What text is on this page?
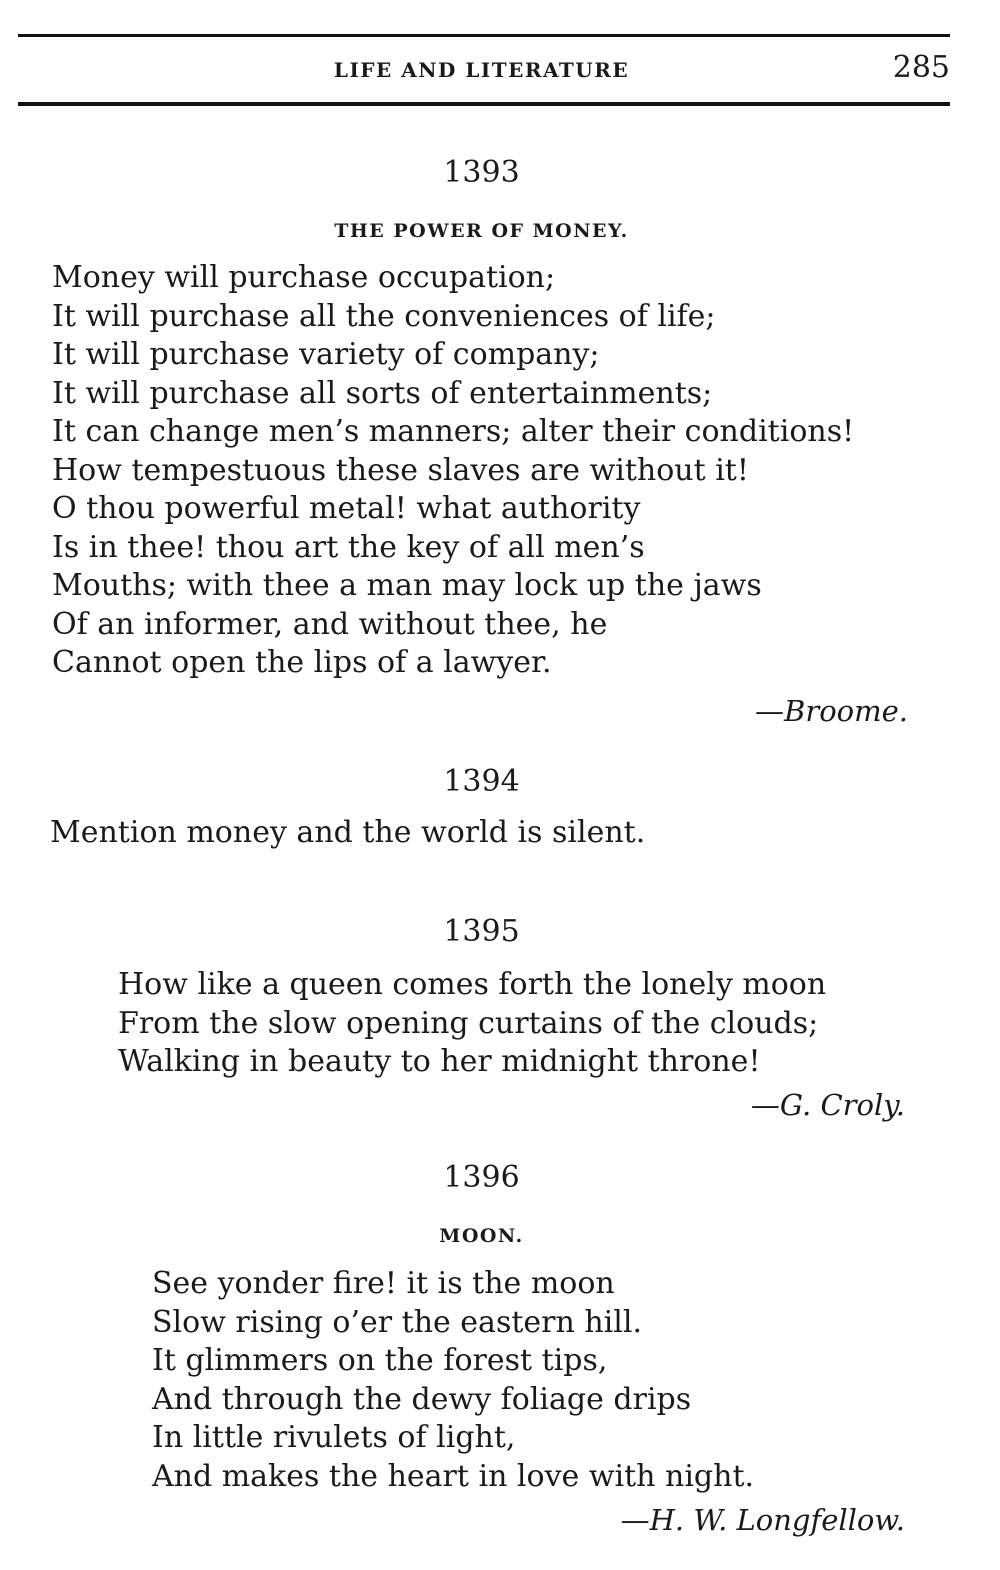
LIFE AND LITERATURE	285
1393
THE POWER OF MONEY.
Money will purchase occupation;
It will purchase all the conveniences of life;
It will purchase variety of company;
It will purchase all sorts of entertainments;
It can change men’s manners; alter their conditions!
How tempestuous these slaves are without it!
O thou powerful metal! what authority
Is in thee! thou art the key of all men’s
Mouths; with thee a man may lock up the jaws
Of an informer, and without thee, he
Cannot open the lips of a lawyer.
—Broome.
1394
Mention money and the world is silent.
1395
How like a queen comes forth the lonely moon
From the slow opening curtains of the clouds;
Walking in beauty to her midnight throne!
—G. Croly.
1396
MOON.
See yonder fire! it is the moon
Slow rising o’er the eastern hill.
It glimmers on the forest tips,
And through the dewy foliage drips
In little rivulets of light,
And makes the heart in love with night.
—H. W. Longfellow.
